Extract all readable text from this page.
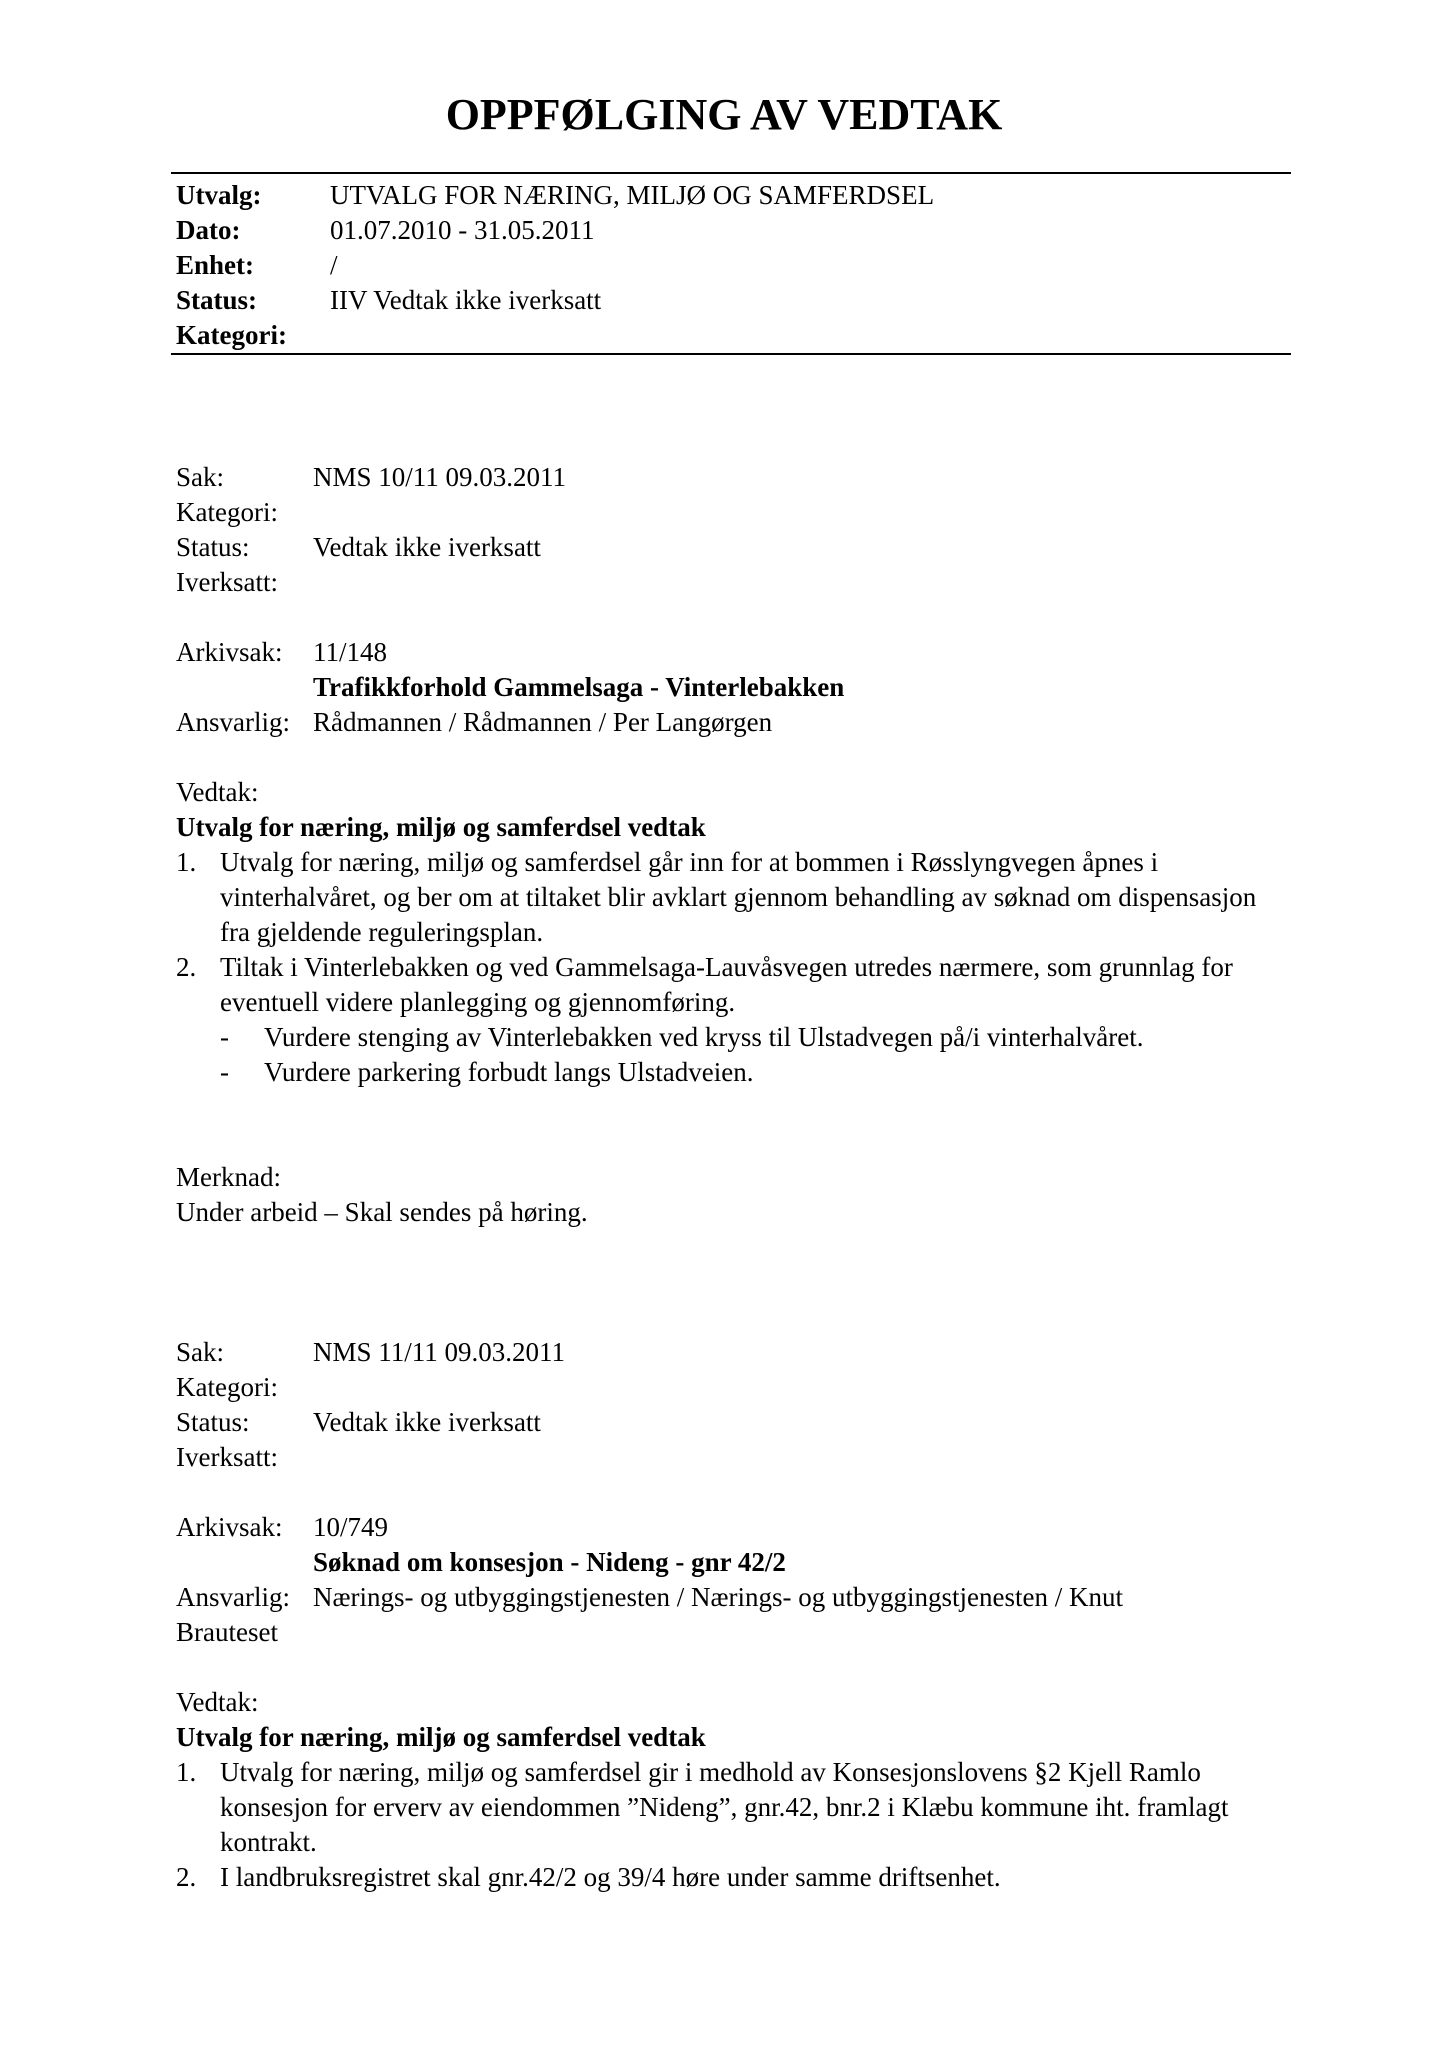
OPPFØLGING AV VEDTAK
Utvalg:	UTVALG FOR NÆRING, MILJØ OG SAMFERDSEL
Dato:	01.07.2010 - 31.05.2011
Enhet:	/
Status:	IIV Vedtak ikke iverksatt
Kategori:
Sak:	NMS 10/11 09.03.2011
Kategori:
Status: Vedtak ikke iverksatt
Iverksatt:
Arkivsak: 11/148
Trafikkforhold Gammelsaga - Vinterlebakken
Ansvarlig: Rådmannen / Rådmannen / Per Langørgen
Vedtak:
Utvalg for næring, miljø og samferdsel vedtak
1. Utvalg for næring, miljø og samferdsel går inn for at bommen i Røsslyngvegen åpnes i vinterhalvåret, og ber om at tiltaket blir avklart gjennom behandling av søknad om dispensasjon fra gjeldende reguleringsplan.
2. Tiltak i Vinterlebakken og ved Gammelsaga-Lauvåsvegen utredes nærmere, som grunnlag for eventuell videre planlegging og gjennomføring.
- Vurdere stenging av Vinterlebakken ved kryss til Ulstadvegen på/i vinterhalvåret.
- Vurdere parkering forbudt langs Ulstadveien.
Merknad:
Under arbeid – Skal sendes på høring.
Sak:	NMS 11/11 09.03.2011
Kategori:
Status: Vedtak ikke iverksatt
Iverksatt:
Arkivsak: 10/749
Søknad om konsesjon - Nideng - gnr 42/2
Ansvarlig: Nærings- og utbyggingstjenesten / Nærings- og utbyggingstjenesten / Knut
Brauteset
Vedtak:
Utvalg for næring, miljø og samferdsel vedtak
1. Utvalg for næring, miljø og samferdsel gir i medhold av Konsesjonslovens §2 Kjell Ramlo konsesjon for erverv av eiendommen ”Nideng”, gnr.42, bnr.2 i Klæbu kommune iht. framlagt kontrakt.
2. I landbruksregistret skal gnr.42/2 og 39/4 høre under samme driftsenhet.
